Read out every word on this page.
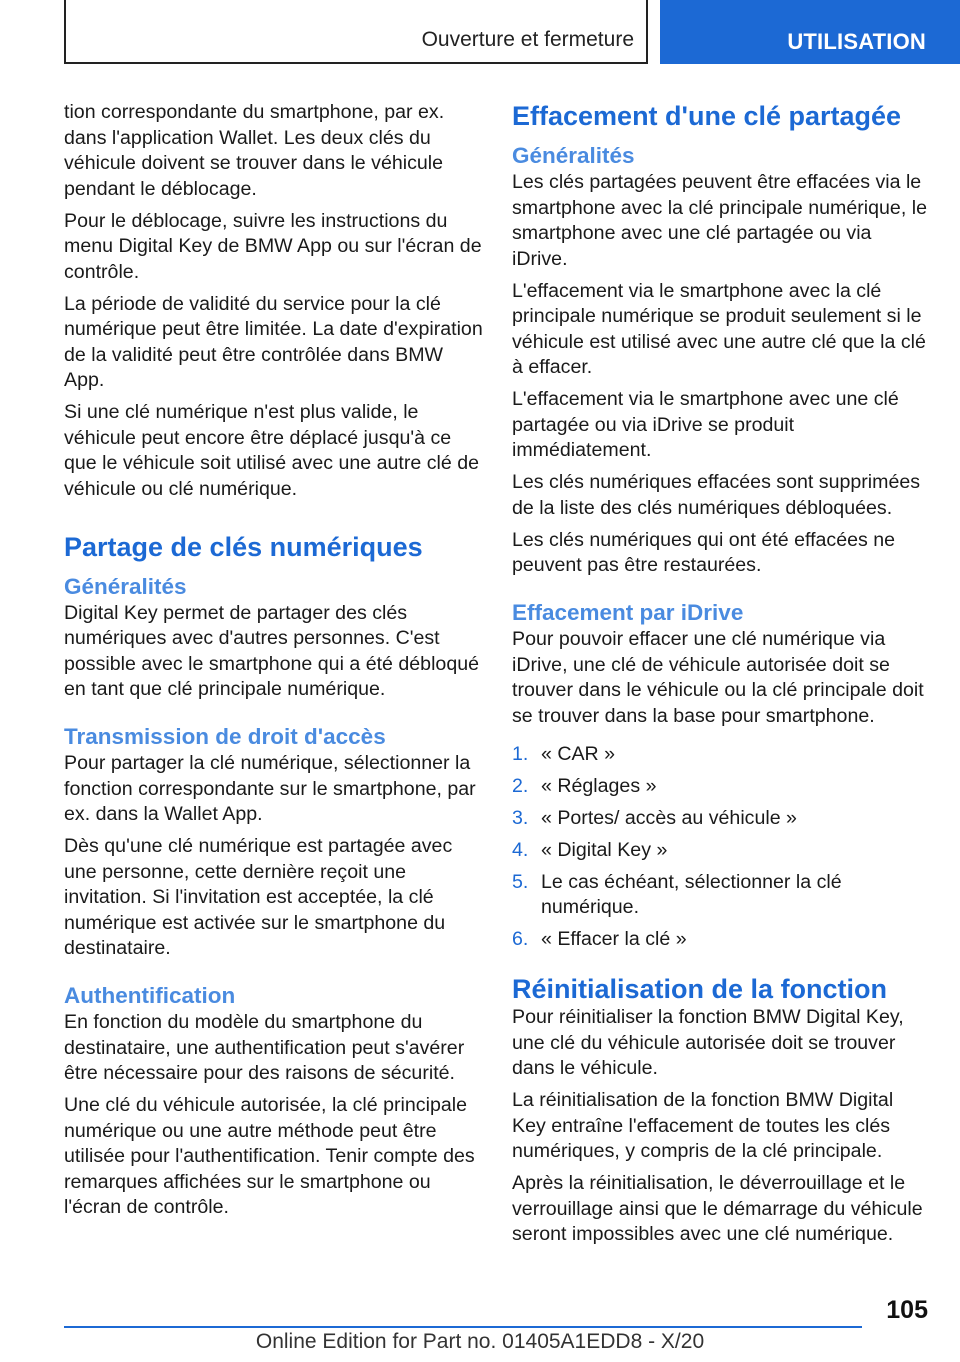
Ouverture et fermeture	UTILISATION

tion correspondante du smartphone, par ex. dans l'application Wallet. Les deux clés du véhicule doivent se trouver dans le véhicule pendant le déblocage.

Pour le déblocage, suivre les instructions du menu Digital Key de BMW App ou sur l'écran de contrôle.

La période de validité du service pour la clé numérique peut être limitée. La date d'expiration de la validité peut être contrôlée dans BMW App.

Si une clé numérique n'est plus valide, le véhicule peut encore être déplacé jusqu'à ce que le véhicule soit utilisé avec une autre clé de véhicule ou clé numérique.

Partage de clés numériques
Généralités

Digital Key permet de partager des clés numériques avec d'autres personnes. C'est possible avec le smartphone qui a été débloqué en tant que clé principale numérique.

Transmission de droit d'accès

Pour partager la clé numérique, sélectionner la fonction correspondante sur le smartphone, par ex. dans la Wallet App.

Dès qu'une clé numérique est partagée avec une personne, cette dernière reçoit une invitation. Si l'invitation est acceptée, la clé numérique est activée sur le smartphone du destinataire.

Authentification

En fonction du modèle du smartphone du destinataire, une authentification peut s'avérer être nécessaire pour des raisons de sécurité.

Une clé du véhicule autorisée, la clé principale numérique ou une autre méthode peut être utilisée pour l'authentification. Tenir compte des remarques affichées sur le smartphone ou l'écran de contrôle.

Effacement d'une clé partagée
Généralités

Les clés partagées peuvent être effacées via le smartphone avec la clé principale numérique, le smartphone avec une clé partagée ou via iDrive.

L'effacement via le smartphone avec la clé principale numérique se produit seulement si le véhicule est utilisé avec une autre clé que la clé à effacer.

L'effacement via le smartphone avec une clé partagée ou via iDrive se produit immédiatement.

Les clés numériques effacées sont supprimées de la liste des clés numériques débloquées.

Les clés numériques qui ont été effacées ne peuvent pas être restaurées.

Effacement par iDrive

Pour pouvoir effacer une clé numérique via iDrive, une clé de véhicule autorisée doit se trouver dans le véhicule ou la clé principale doit se trouver dans la base pour smartphone.

1. « CAR »
2. « Réglages »
3. « Portes/ accès au véhicule »
4. « Digital Key »
5. Le cas échéant, sélectionner la clé numérique.
6. « Effacer la clé »
Réinitialisation de la fonction

Pour réinitialiser la fonction BMW Digital Key, une clé du véhicule autorisée doit se trouver dans le véhicule.

La réinitialisation de la fonction BMW Digital Key entraîne l'effacement de toutes les clés numériques, y compris de la clé principale.

Après la réinitialisation, le déverrouillage et le verrouillage ainsi que le démarrage du véhicule seront impossibles avec une clé numérique.

105
Online Edition for Part no. 01405A1EDD8 - X/20
